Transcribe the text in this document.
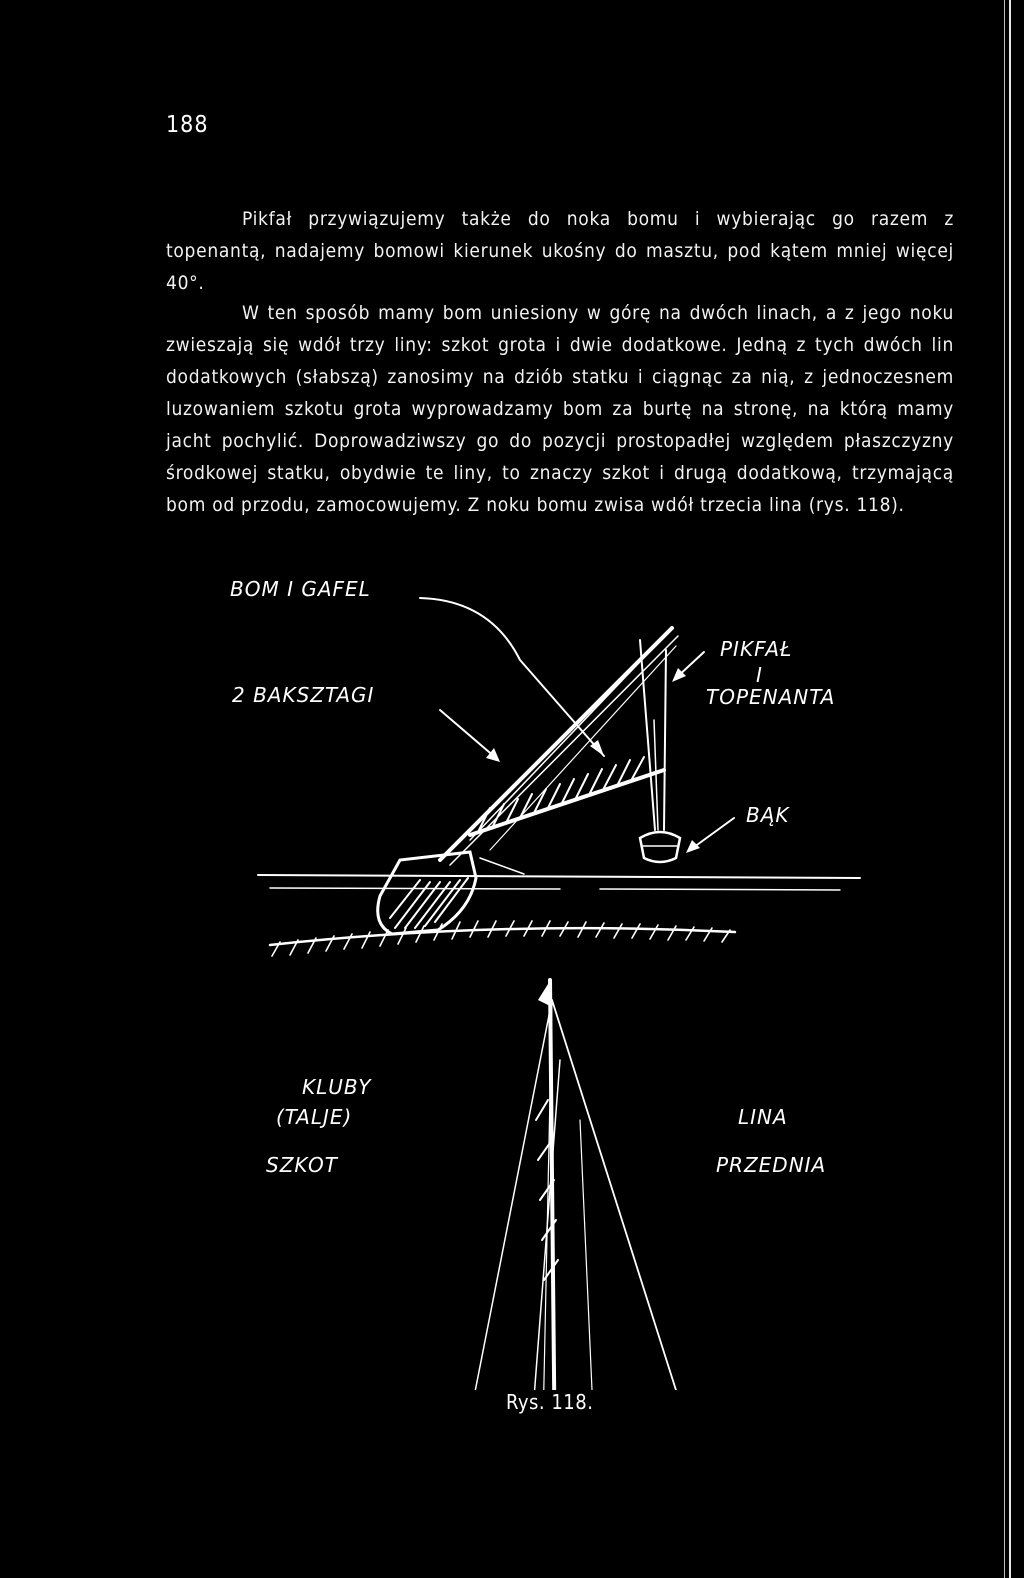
188

Pikfał przywiązujemy także do noka bomu i wybierając go razem z topenantą, nadajemy bomowi kierunek ukośny do masztu, pod kątem mniej więcej 40°.

W ten sposób mamy bom uniesiony w górę na dwóch linach, a z jego noku zwieszają się wdół trzy liny: szkot grota i dwie dodatkowe. Jedną z tych dwóch lin dodatkowych (słabszą) zanosimy na dziób statku i ciągnąc za nią, z jednoczesnem luzowaniem szkotu grota wyprowadzamy bom za burtę na stronę, na którą mamy jacht pochylić. Doprowadziwszy go do pozycji prostopadłej względem płaszczyzny środkowej statku, obydwie te liny, to znaczy szkot i drugą dodatkową, trzymającą bom od przodu, zamocowujemy. Z noku bomu zwisa wdół trzecia lina (rys. 118).

BOM I GAFEL
2 BAKSZTAGI
PIKFAŁ
I
TOPENANTA
BĄK
KLUBY
(TALJE)
SZKOT
LINA
PRZEDNIA
Rys. 118.
